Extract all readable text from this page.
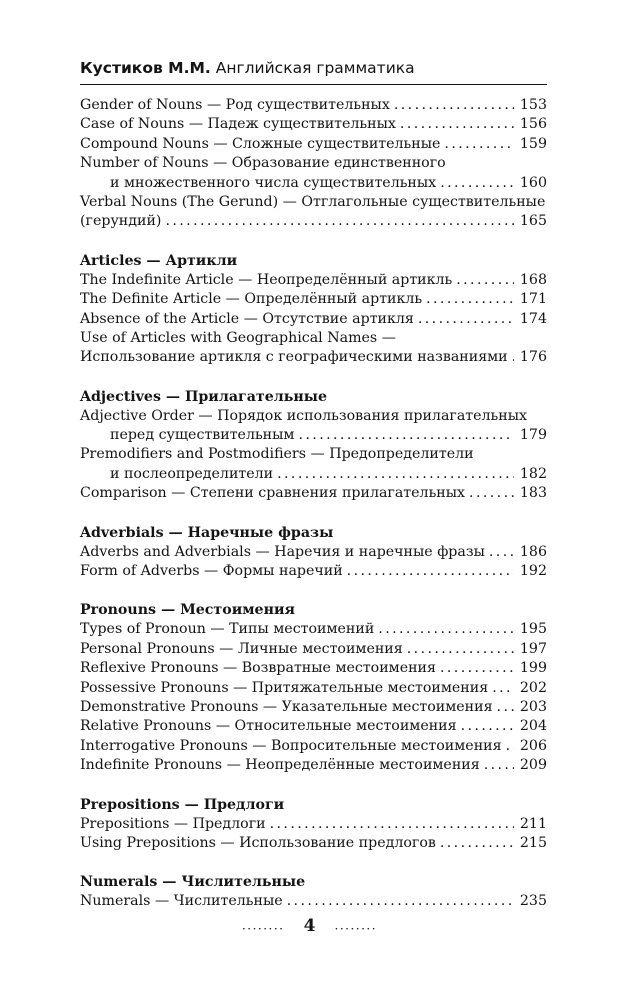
Кустиков М.М. Английская грамматика
Gender of Nouns — Род существительных .....	153
Case of Nouns — Падеж существительных .....	156
Compound Nouns — Сложные существительные .....	159
Number of Nouns — Образование единственного
и множественного числа существительных .....	160
Verbal Nouns (The Gerund) — Отглагольные существительные
(герундий) .....	165
Articles — Артикли
The Indefinite Article — Неопределённый артикль .....	168
The Definite Article — Определённый артикль .....	171
Absence of the Article — Отсутствие артикля .....	174
Use of Articles with Geographical Names —
Использование артикля с географическими названиями ..... 176
Adjectives — Прилагательные
Adjective Order — Порядок использования прилагательных
перед существительным .....	179
Premodifiers and Postmodifiers — Предопределители
и послеопределители .....	182
Comparison — Степени сравнения прилагательных .....	183
Adverbials — Наречные фразы
Adverbs and Adverbials — Наречия и наречные фразы ..... 186
Form of Adverbs — Формы наречий .....	192
Pronouns — Местоимения
Types of Pronoun — Типы местоимений .....	195
Personal Pronouns — Личные местоимения .....	197
Reflexive Pronouns — Возвратные местоимения .....	199
Possessive Pronouns — Притяжательные местоимения ..... 202
Demonstrative Pronouns — Указательные местоимения ..... 203
Relative Pronouns — Относительные местоимения .....	204
Interrogative Pronouns — Вопросительные местоимения ..... 206
Indefinite Pronouns — Неопределённые местоимения .....	209
Prepositions — Предлоги
Prepositions — Предлоги .....	211
Using Prepositions — Использование предлогов .....	215
Numerals — Числительные
Numerals — Числительные .....	235
........ 4 ........
